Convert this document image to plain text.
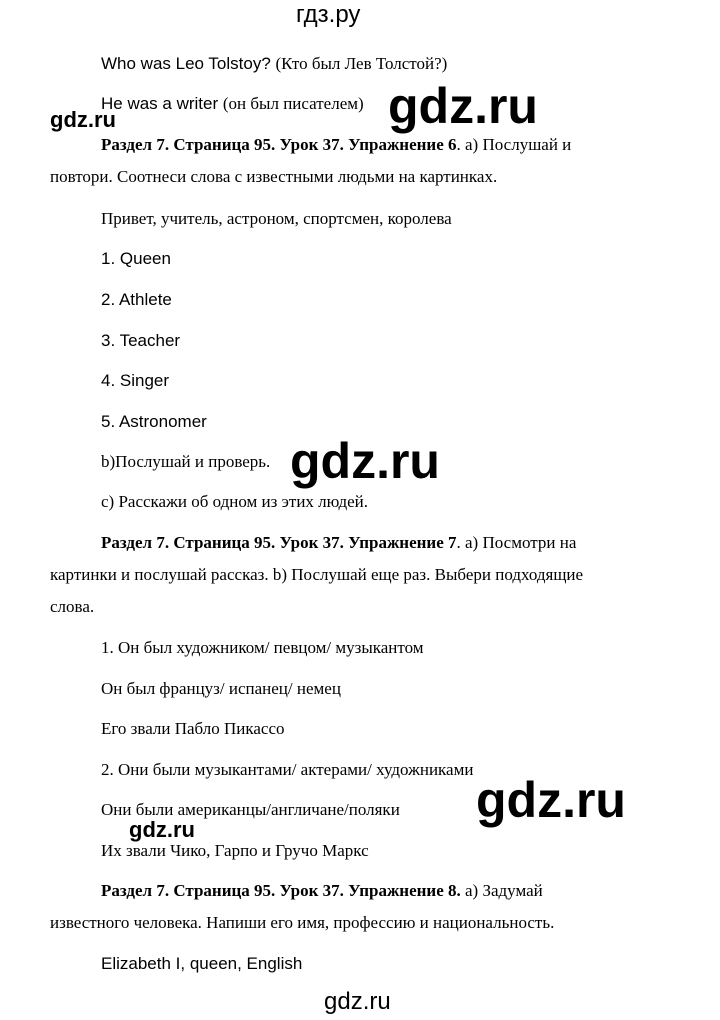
гдз.ру
Who was Leo Tolstoy? (Кто был Лев Толстой?)
He was a writer (он был писателем) gdz.ru
gdz.ru
Раздел 7. Страница 95. Урок 37. Упражнение 6. а) Послушай и
повтори. Соотнеси слова с известными людьми на картинках.
Привет, учитель, астроном, спортсмен, королева
1. Queen
2. Athlete
3. Teacher
4. Singer
5. Astronomer
b)Послушай и проверь. gdz.ru
c) Расскажи об одном из этих людей.
Раздел 7. Страница 95. Урок 37. Упражнение 7. а) Посмотри на
картинки и послушай рассказ. b) Послушай еще раз. Выбери подходящие
слова.
1. Он был художником/ певцом/ музыкантом
Он был француз/ испанец/ немец
Его звали Пабло Пикассо
2. Они были музыкантами/ актерами/ художниками
Они были американцы/англичане/поляки gdz.ru
gdz.ru
Их звали Чико, Гарпо и Гручо Маркс
Раздел 7. Страница 95. Урок 37. Упражнение 8. а) Задумай
известного человека. Напиши его имя, профессию и национальность.
Elizabeth I, queen, English
gdz.ru
